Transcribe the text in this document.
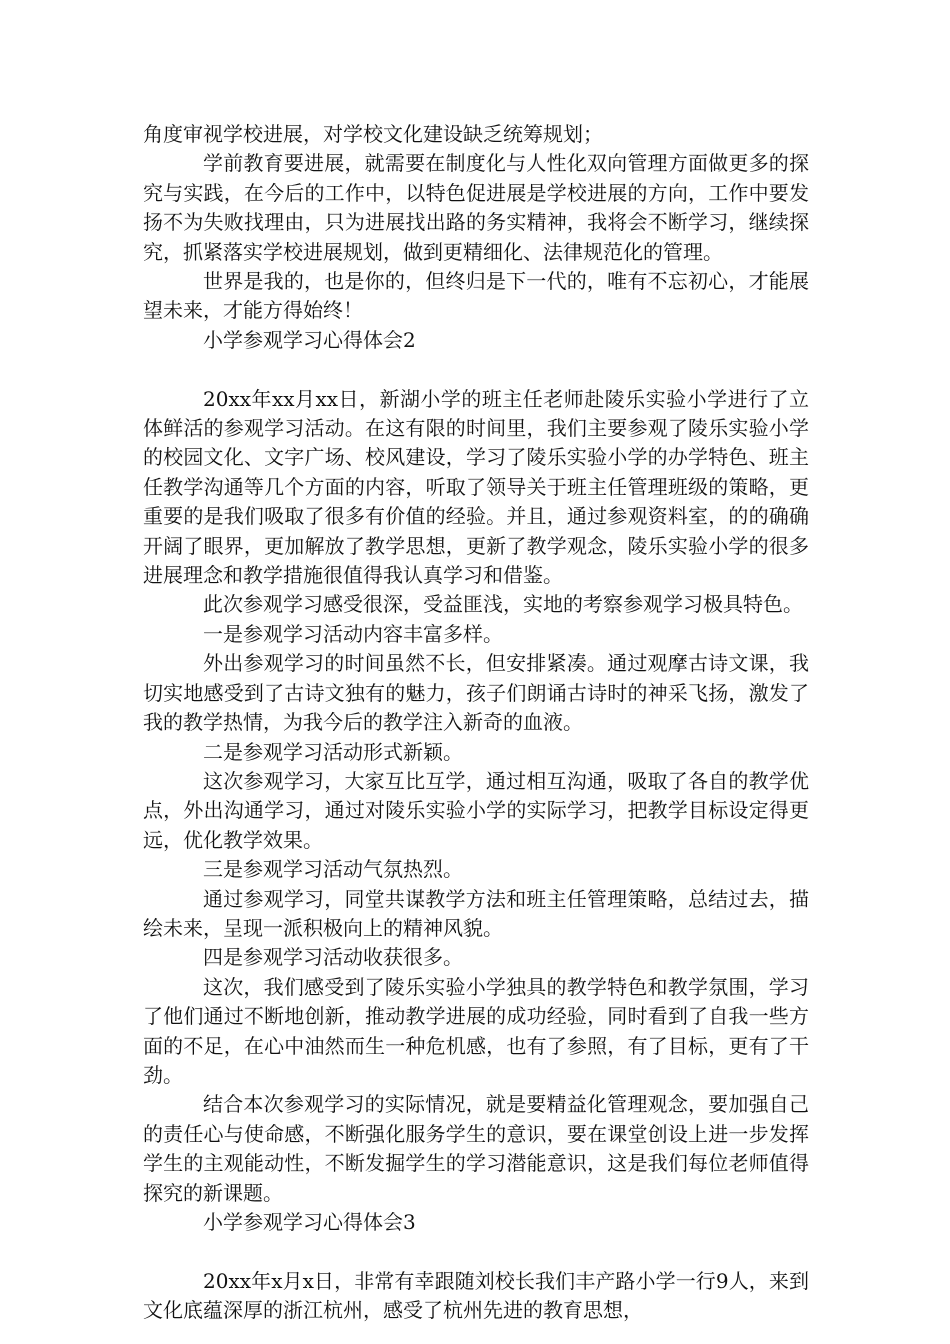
角度审视学校进展，对学校文化建设缺乏统筹规划；

学前教育要进展，就需要在制度化与人性化双向管理方面做更多的探究与实践，在今后的工作中，以特色促进展是学校进展的方向，工作中要发扬不为失败找理由，只为进展找出路的务实精神，我将会不断学习，继续探究，抓紧落实学校进展规划，做到更精细化、法律规范化的管理。

世界是我的，也是你的，但终归是下一代的，唯有不忘初心，才能展望未来，才能方得始终！

小学参观学习心得体会2

20xx年xx月xx日，新湖小学的班主任老师赴陵乐实验小学进行了立体鲜活的参观学习活动。在这有限的时间里，我们主要参观了陵乐实验小学的校园文化、文字广场、校风建设，学习了陵乐实验小学的办学特色、班主任教学沟通等几个方面的内容，听取了领导关于班主任管理班级的策略，更重要的是我们吸取了很多有价值的经验。并且，通过参观资料室，的的确确开阔了眼界，更加解放了教学思想，更新了教学观念，陵乐实验小学的很多进展理念和教学措施很值得我认真学习和借鉴。

此次参观学习感受很深，受益匪浅，实地的考察参观学习极具特色。

一是参观学习活动内容丰富多样。

外出参观学习的时间虽然不长，但安排紧凑。通过观摩古诗文课，我切实地感受到了古诗文独有的魅力，孩子们朗诵古诗时的神采飞扬，激发了我的教学热情，为我今后的教学注入新奇的血液。

二是参观学习活动形式新颖。

这次参观学习，大家互比互学，通过相互沟通，吸取了各自的教学优点，外出沟通学习，通过对陵乐实验小学的实际学习，把教学目标设定得更远，优化教学效果。

三是参观学习活动气氛热烈。

通过参观学习，同堂共谋教学方法和班主任管理策略，总结过去，描绘未来，呈现一派积极向上的精神风貌。

四是参观学习活动收获很多。

这次，我们感受到了陵乐实验小学独具的教学特色和教学氛围，学习了他们通过不断地创新，推动教学进展的成功经验，同时看到了自我一些方面的不足，在心中油然而生一种危机感，也有了参照，有了目标，更有了干劲。

结合本次参观学习的实际情况，就是要精益化管理观念，要加强自己的责任心与使命感，不断强化服务学生的意识，要在课堂创设上进一步发挥学生的主观能动性，不断发掘学生的学习潜能意识，这是我们每位老师值得探究的新课题。

小学参观学习心得体会3

20xx年x月x日，非常有幸跟随刘校长我们丰产路小学一行9人，来到文化底蕴深厚的浙江杭州，感受了杭州先进的教育思想，
